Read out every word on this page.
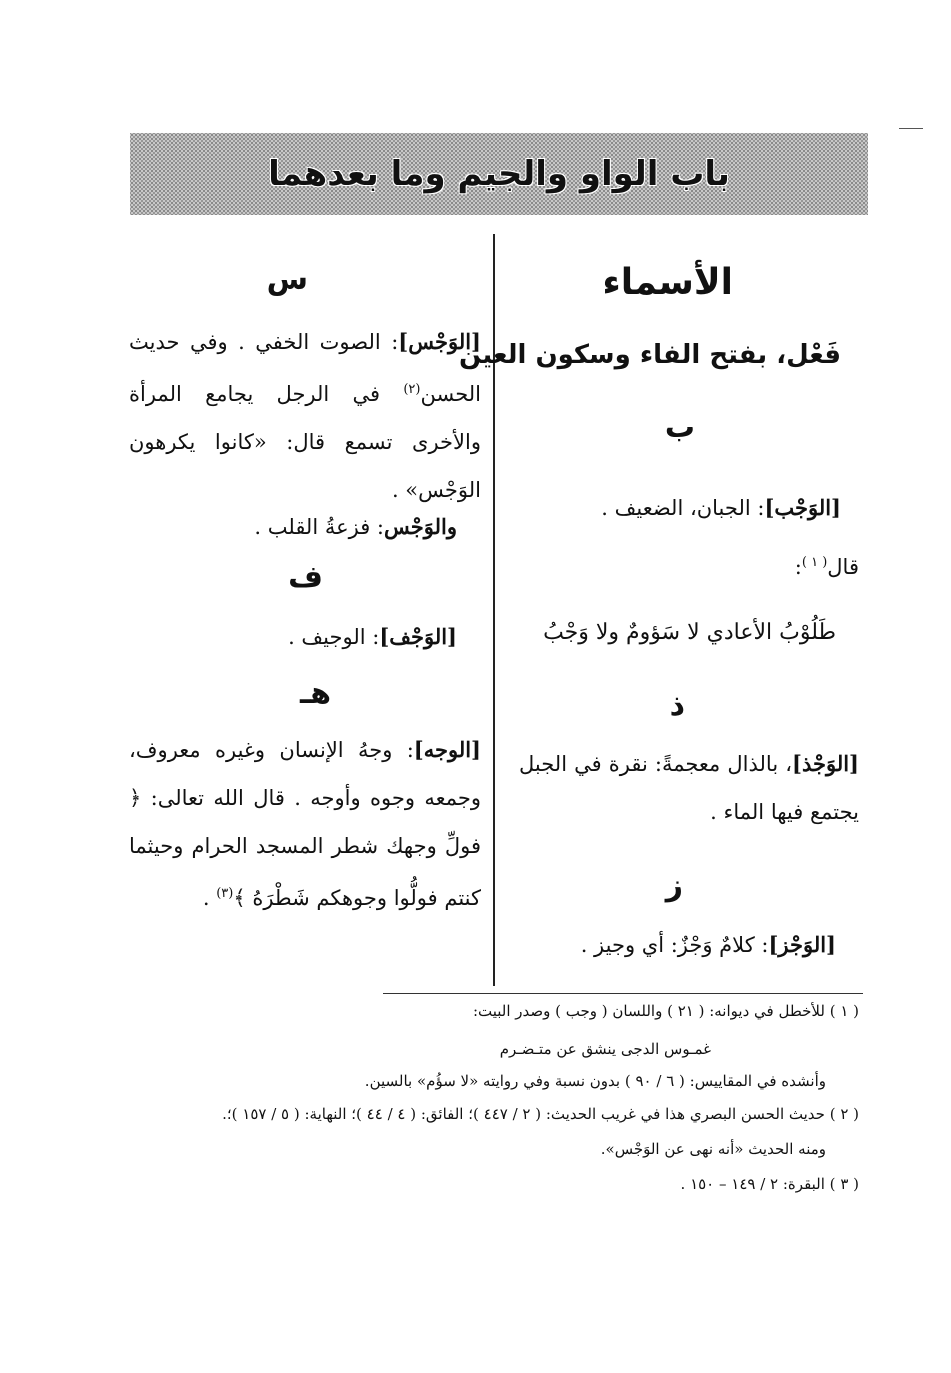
باب الواو والجيم وما بعدهما
الأسماء
فَعْل، بفتح الفاء وسكون العين
ب
[الوَجْب]: الجبان، الضعيف .
قال$^{( ١ )}$:
طَلُوْبُ الأعادي لا سَؤومٌ ولا وَجْبُ
ذ
[الوَجْذ]، بالذال معجمةً: نقرة في الجبل يجتمع فيها الماء .
ز
[الوَجْز]: كلامٌ وَجْزٌ: أي وجيز .
س
[الوَجْس]: الصوت الخفي . وفي حديث الحسن$^{(٢)}$ في الرجل يجامع المرأة والأخرى تسمع قال: «كانوا يكرهون الوَجْس» .
والوَجْس: فزعةُ القلب .
ف
[الوَجْف]: الوجيف .
هـ
[الوجه]: وجهُ الإنسان وغيره معروف، وجمعه وجوه وأوجه . قال الله تعالى: ﴿ فولِّ وجهك شطر المسجد الحرام وحيثما كنتم فولُّوا وجوهكم شَطْرَهُ ﴾$^{(٣)}$ .
( ١ ) للأخطل في ديوانه: ( ٢١ ) واللسان ( وجب ) وصدر البيت:
غمـوس الدجى ينشق عن متـضـرم
وأنشده في المقاييس: ( ٦ / ٩٠ ) بدون نسبة وفي روايته «لا سؤُم» بالسين.
( ٢ ) حديث الحسن البصري هذا في غريب الحديث: ( ٢ / ٤٤٧ )؛ الفائق: ( ٤ / ٤٤ )؛ النهاية: ( ٥ / ١٥٧ )؛.
ومنه الحديث «أنه نهى عن الوَجْس».
( ٣ ) البقرة: ٢ / ١٤٩ – ١٥٠ .
